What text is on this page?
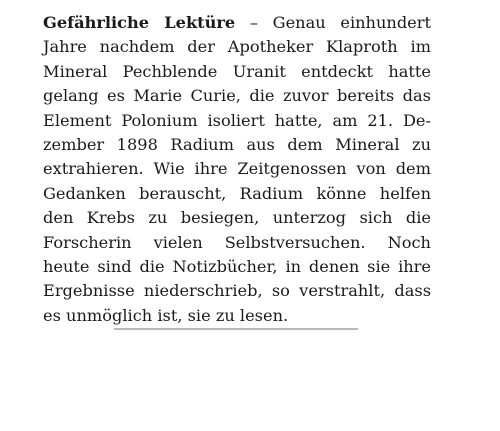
Gefährliche Lektüre – Genau einhundert
Jahre nachdem der Apotheker Klaproth im
Mineral Pechblende Uranit entdeckt hatte
gelang es Marie Curie, die zuvor bereits das
Element Polonium isoliert hatte, am 21. De-
zember 1898 Radium aus dem Mineral zu
extrahieren. Wie ihre Zeitgenossen von dem
Gedanken berauscht, Radium könne helfen
den Krebs zu besiegen, unterzog sich die
Forscherin vielen Selbstversuchen. Noch
heute sind die Notizbücher, in denen sie ihre
Ergebnisse niederschrieb, so verstrahlt, dass
es unmöglich ist, sie zu lesen.
